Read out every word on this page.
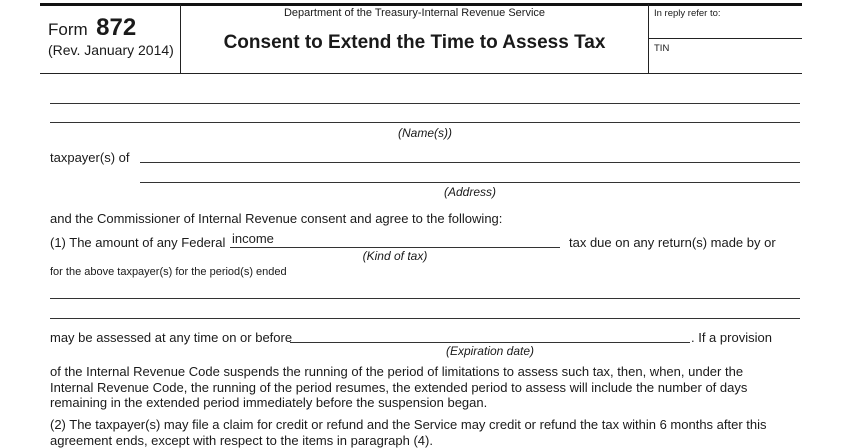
Form 872
(Rev. January 2014)
Department of the Treasury-Internal Revenue Service
Consent to Extend the Time to Assess Tax
In reply refer to:
TIN
(Name(s))
taxpayer(s) of
(Address)
and the Commissioner of Internal Revenue consent and agree to the following:
(1) The amount of any Federal
income	tax due on any return(s) made by or
(Kind of tax)
for the above taxpayer(s) for the period(s) ended
may be assessed at any time on or before	. If a provision
(Expiration date)
of the Internal Revenue Code suspends the running of the period of limitations to assess such tax, then, when, under the Internal Revenue Code, the running of the period resumes, the extended period to assess will include the number of days remaining in the extended period immediately before the suspension began.
(2) The taxpayer(s) may file a claim for credit or refund and the Service may credit or refund the tax within 6 months after this agreement ends, except with respect to the items in paragraph (4).
